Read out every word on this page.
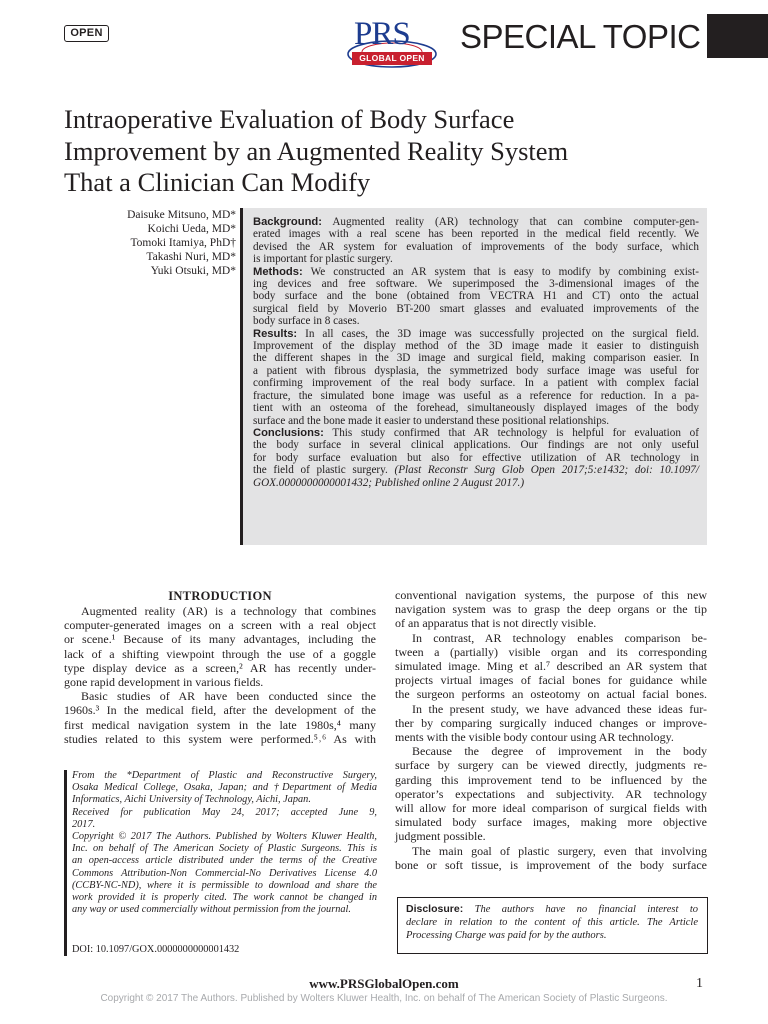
OPEN	PRS
GLOBAL OPEN
SPECIAL TOPIC
Intraoperative Evaluation of Body Surface
Improvement by an Augmented Reality System
That a Clinician Can Modify
Daisuke Mitsuno, MD*
Koichi Ueda, MD*
Tomoki Itamiya, PhD†
Takashi Nuri, MD*
Yuki Otsuki, MD*
Background: Augmented reality (AR) technology that can combine computer-gen-
erated images with a real scene has been reported in the medical field recently. We
devised the AR system for evaluation of improvements of the body surface, which
is important for plastic surgery.
Methods: We constructed an AR system that is easy to modify by combining exist-
ing devices and free software. We superimposed the 3-dimensional images of the
body surface and the bone (obtained from VECTRA H1 and CT) onto the actual
surgical field by Moverio BT-200 smart glasses and evaluated improvements of the
body surface in 8 cases.
Results: In all cases, the 3D image was successfully projected on the surgical field.
Improvement of the display method of the 3D image made it easier to distinguish
the different shapes in the 3D image and surgical field, making comparison easier. In
a patient with fibrous dysplasia, the symmetrized body surface image was useful for
confirming improvement of the real body surface. In a patient with complex facial
fracture, the simulated bone image was useful as a reference for reduction. In a pa-
tient with an osteoma of the forehead, simultaneously displayed images of the body
surface and the bone made it easier to understand these positional relationships.
Conclusions: This study confirmed that AR technology is helpful for evaluation of
the body surface in several clinical applications. Our findings are not only useful
for body surface evaluation but also for effective utilization of AR technology in
the field of plastic surgery. (Plast Reconstr Surg Glob Open 2017;5:e1432; doi: 10.1097/
GOX.0000000000001432; Published online 2 August 2017.)
INTRODUCTION
Augmented reality (AR) is a technology that combines
computer-generated images on a screen with a real object
or scene.¹ Because of its many advantages, including the
lack of a shifting viewpoint through the use of a goggle
type display device as a screen,² AR has recently under-
gone rapid development in various fields.
Basic studies of AR have been conducted since the
1960s.³ In the medical field, after the development of the
first medical navigation system in the late 1980s,⁴ many
studies related to this system were performed.⁵˒⁶ As with
From the *Department of Plastic and Reconstructive Surgery,
Osaka Medical College, Osaka, Japan; and †Department of Media
Informatics, Aichi University of Technology, Aichi, Japan.
Received for publication May 24, 2017; accepted June 9,
2017.
Copyright © 2017 The Authors. Published by Wolters Kluwer Health,
Inc. on behalf of The American Society of Plastic Surgeons. This is
an open-access article distributed under the terms of the Creative
Commons Attribution-Non Commercial-No Derivatives License 4.0
(CCBY-NC-ND), where it is permissible to download and share the
work provided it is properly cited. The work cannot be changed in
any way or used commercially without permission from the journal.
DOI: 10.1097/GOX.0000000000001432
conventional navigation systems, the purpose of this new
navigation system was to grasp the deep organs or the tip
of an apparatus that is not directly visible.
In contrast, AR technology enables comparison be-
tween a (partially) visible organ and its corresponding
simulated image. Ming et al.⁷ described an AR system that
projects virtual images of facial bones for guidance while
the surgeon performs an osteotomy on actual facial bones.
In the present study, we have advanced these ideas fur-
ther by comparing surgically induced changes or improve-
ments with the visible body contour using AR technology.
Because the degree of improvement in the body
surface by surgery can be viewed directly, judgments re-
garding this improvement tend to be influenced by the
operator’s expectations and subjectivity. AR technology
will allow for more ideal comparison of surgical fields with
simulated body surface images, making more objective
judgment possible.
The main goal of plastic surgery, even that involving
bone or soft tissue, is improvement of the body surface
Disclosure: The authors have no financial interest to
declare in relation to the content of this article. The Article
Processing Charge was paid for by the authors.
www.PRSGlobalOpen.com	1
Copyright © 2017 The Authors. Published by Wolters Kluwer Health, Inc. on behalf of The American Society of Plastic Surgeons.
